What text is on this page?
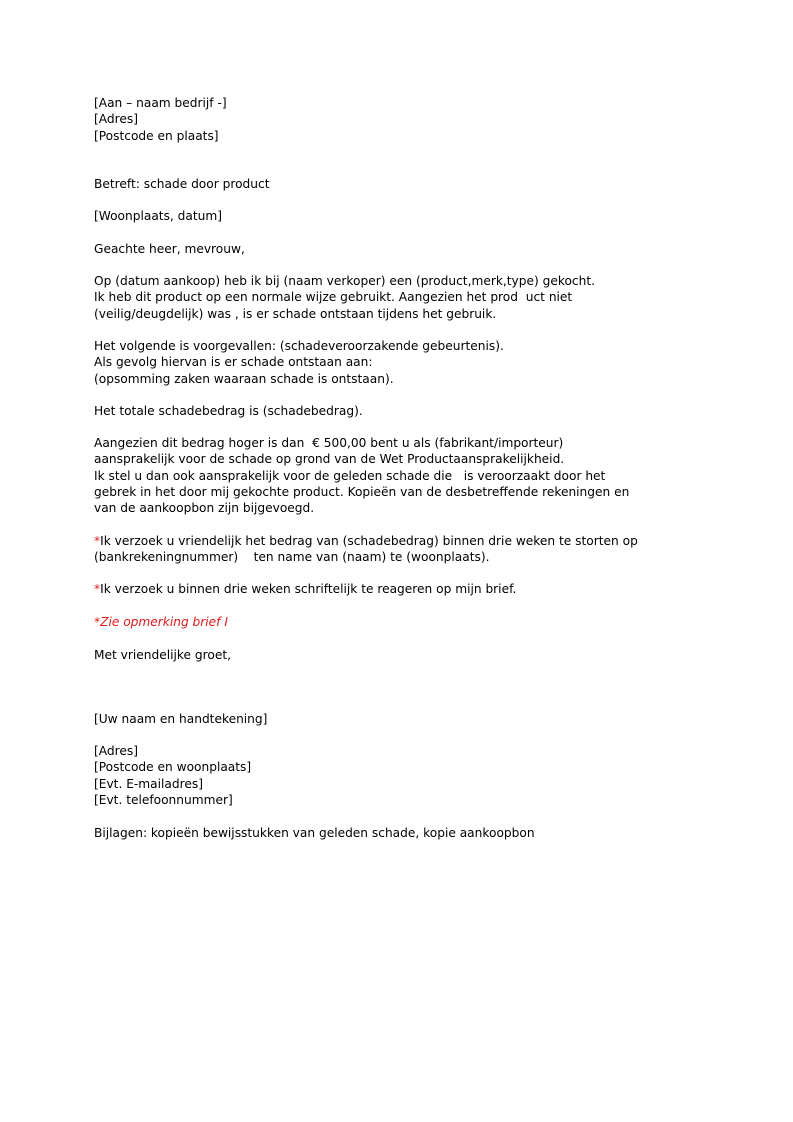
[Aan – naam bedrijf -]
[Adres]
[Postcode en plaats]
Betreft: schade door product
[Woonplaats, datum]
Geachte heer, mevrouw,
Op (datum aankoop) heb ik bij (naam verkoper) een (product,merk,type) gekocht.
Ik heb dit product op een normale wijze gebruikt. Aangezien het prod  uct niet
(veilig/deugdelijk) was , is er schade ontstaan tijdens het gebruik.
Het volgende is voorgevallen: (schadeveroorzakende gebeurtenis).
Als gevolg hiervan is er schade ontstaan aan:
(opsomming zaken waaraan schade is ontstaan).
Het totale schadebedrag is (schadebedrag).
Aangezien dit bedrag hoger is dan  € 500,00 bent u als (fabrikant/importeur)
aansprakelijk voor de schade op grond van de Wet Productaansprakelijkheid.
Ik stel u dan ook aansprakelijk voor de geleden schade die   is veroorzaakt door het
gebrek in het door mij gekochte product. Kopieën van de desbetreffende rekeningen en
van de aankoopbon zijn bijgevoegd.
*Ik verzoek u vriendelijk het bedrag van (schadebedrag) binnen drie weken te storten op
(bankrekeningnummer)    ten name van (naam) te (woonplaats).
*Ik verzoek u binnen drie weken schriftelijk te reageren op mijn brief.
*Zie opmerking brief I
Met vriendelijke groet,
[Uw naam en handtekening]
[Adres]
[Postcode en woonplaats]
[Evt. E-mailadres]
[Evt. telefoonnummer]
Bijlagen: kopieën bewijsstukken van geleden schade, kopie aankoopbon
